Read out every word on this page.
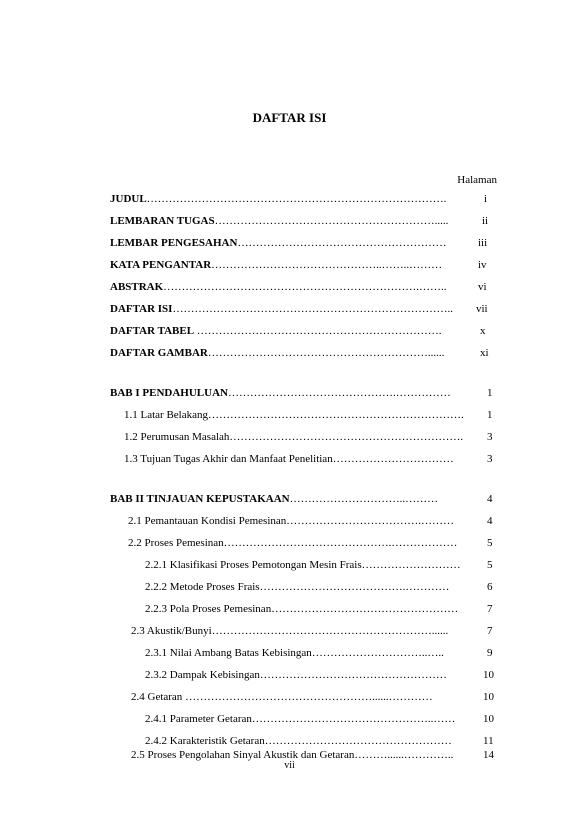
DAFTAR ISI
Halaman
JUDUL……………………………………………………………………….	i
LEMBARAN TUGAS…………………………………………………….....	ii
LEMBAR PENGESAHAN…………………………………………………	iii
KATA PENGANTAR………………………………………..……..………	iv
ABSTRAK…………………………………………………………….……..	vi
DAFTAR ISI………………………………………………………………….. vii
DAFTAR TABEL ………………………………………………………….	x
DAFTAR GAMBAR……………………………………………………......	xi
BAB I PENDAHULUAN……………………………………….……………	1
1.1 Latar Belakang……………………………………………………………. 1
1.2 Perumusan Masalah………………………………………………………. 3
1.3 Tujuan Tugas Akhir dan Manfaat Penelitian……………………………	3
BAB II TINJAUAN KEPUSTAKAAN…………………………..………	4
2.1 Pemantauan Kondisi Pemesinan……………………………….………	4
2.2 Proses Pemesinan……………………………………….………………	5
2.2.1 Klasifikasi Proses Pemotongan Mesin Frais……………………… 5
2.2.2 Metode Proses Frais………………………………….…………	6
2.2.3 Pola Proses Pemesinan……………………………………………	7
2.3 Akustik/Bunyi……………………………………………………......	7
2.3.1 Nilai Ambang Batas Kebisingan…………………………..…..	9
2.3.2 Dampak Kebisingan……………………………………………	10
2.4 Getaran ……………………………………………......…………	10
2.4.1 Parameter Getaran…………………………………………..……	10
2.4.2 Karakteristik Getaran……………………………………………	11
2.5 Proses Pengolahan Sinyal Akustik dan Getaran………......…………..	14
vii
